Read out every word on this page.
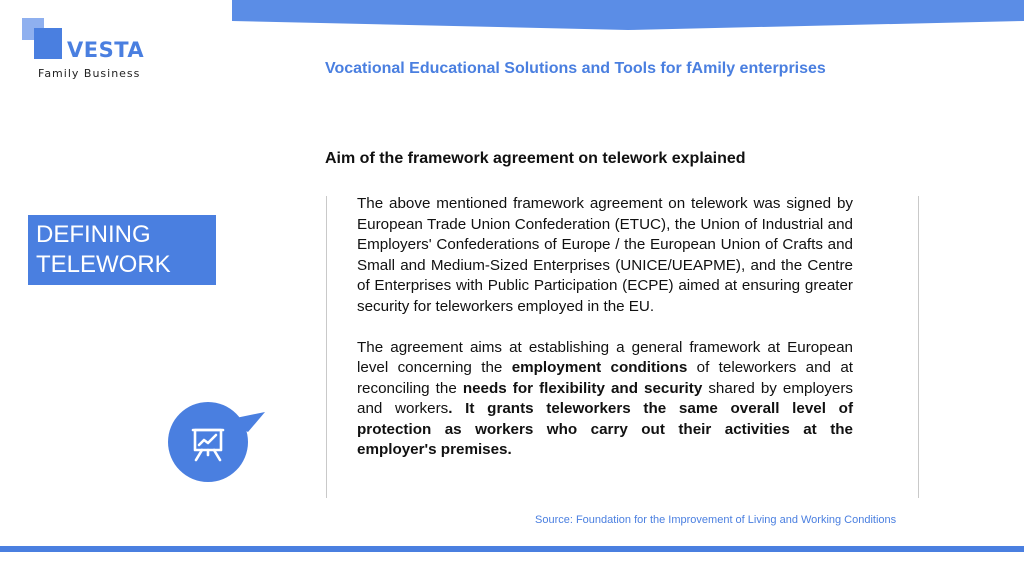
VESTA
Family Business	Vocational Educational Solutions and Tools for fAmily enterprises
DEFINING
TELEWORK
Aim of the framework agreement on telework explained

The above mentioned framework agreement on telework was signed by European Trade Union Confederation (ETUC), the Union of Industrial and Employers' Confederations of Europe / the European Union of Crafts and Small and Medium-Sized Enterprises (UNICE/UEAPME), and the Centre of Enterprises with Public Participation (ECPE) aimed at ensuring greater security for teleworkers employed in the EU.

The agreement aims at establishing a general framework at European level concerning the employment conditions of teleworkers and at reconciling the needs for flexibility and security shared by employers and workers. It grants teleworkers the same overall level of protection as workers who carry out their activities at the employer's premises.

Source: Foundation for the Improvement of Living and Working Conditions
